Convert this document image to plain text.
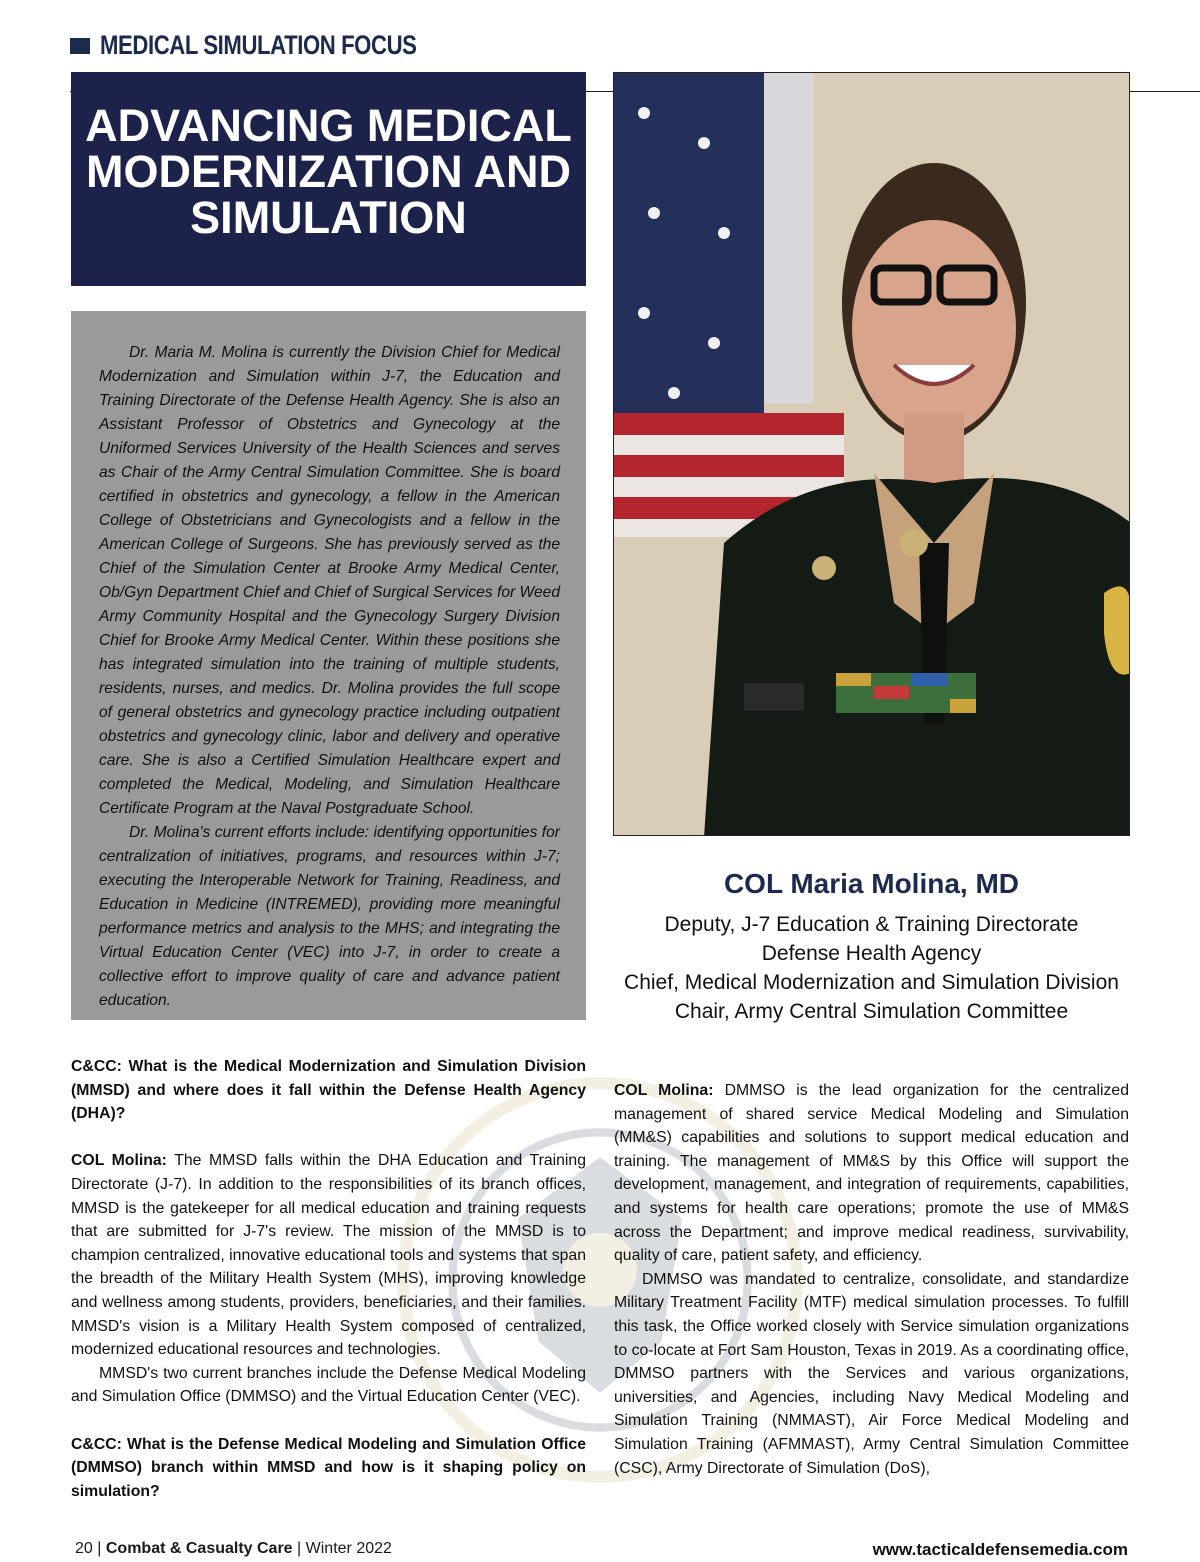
MEDICAL SIMULATION FOCUS
ADVANCING MEDICAL
MODERNIZATION AND
SIMULATION

Dr. Maria M. Molina is currently the Division Chief for Medical Modernization and Simulation within J-7, the Education and Training Directorate of the Defense Health Agency. She is also an Assistant Professor of Obstetrics and Gynecology at the Uniformed Services University of the Health Sciences and serves as Chair of the Army Central Simulation Committee. She is board certified in obstetrics and gynecology, a fellow in the American College of Obstetricians and Gynecologists and a fellow in the American College of Surgeons. She has previously served as the Chief of the Simulation Center at Brooke Army Medical Center, Ob/Gyn Department Chief and Chief of Surgical Services for Weed Army Community Hospital and the Gynecology Surgery Division Chief for Brooke Army Medical Center. Within these positions she has integrated simulation into the training of multiple students, residents, nurses, and medics. Dr. Molina provides the full scope of general obstetrics and gynecology practice including outpatient obstetrics and gynecology clinic, labor and delivery and operative care. She is also a Certified Simulation Healthcare expert and completed the Medical, Modeling, and Simulation Healthcare Certificate Program at the Naval Postgraduate School.

Dr. Molina's current efforts include: identifying opportunities for centralization of initiatives, programs, and resources within J-7; executing the Interoperable Network for Training, Readiness, and Education in Medicine (INTREMED), providing more meaningful performance metrics and analysis to the MHS; and integrating the Virtual Education Center (VEC) into J-7, in order to create a collective effort to improve quality of care and advance patient education.

COL Maria Molina, MD
Deputy, J-7 Education & Training Directorate
Defense Health Agency
Chief, Medical Modernization and Simulation Division
Chair, Army Central Simulation Committee

C&CC: What is the Medical Modernization and Simulation Division (MMSD) and where does it fall within the Defense Health Agency (DHA)?

COL Molina: The MMSD falls within the DHA Education and Training Directorate (J-7). In addition to the responsibilities of its branch offices, MMSD is the gatekeeper for all medical education and training requests that are submitted for J-7's review. The mission of the MMSD is to champion centralized, innovative educational tools and systems that span the breadth of the Military Health System (MHS), improving knowledge and wellness among students, providers, beneficiaries, and their families. MMSD's vision is a Military Health System composed of centralized, modernized educational resources and technologies.

MMSD's two current branches include the Defense Medical Modeling and Simulation Office (DMMSO) and the Virtual Education Center (VEC).

C&CC: What is the Defense Medical Modeling and Simulation Office (DMMSO) branch within MMSD and how is it shaping policy on simulation?

COL Molina: DMMSO is the lead organization for the centralized management of shared service Medical Modeling and Simulation (MM&S) capabilities and solutions to support medical education and training. The management of MM&S by this Office will support the development, management, and integration of requirements, capabilities, and systems for health care operations; promote the use of MM&S across the Department; and improve medical readiness, survivability, quality of care, patient safety, and efficiency.

DMMSO was mandated to centralize, consolidate, and standardize Military Treatment Facility (MTF) medical simulation processes. To fulfill this task, the Office worked closely with Service simulation organizations to co-locate at Fort Sam Houston, Texas in 2019. As a coordinating office, DMMSO partners with the Services and various organizations, universities, and Agencies, including Navy Medical Modeling and Simulation Training (NMMAST), Air Force Medical Modeling and Simulation Training (AFMMAST), Army Central Simulation Committee (CSC), Army Directorate of Simulation (DoS),

20 | Combat & Casualty Care | Winter 2022	www.tacticaldefensemedia.com
